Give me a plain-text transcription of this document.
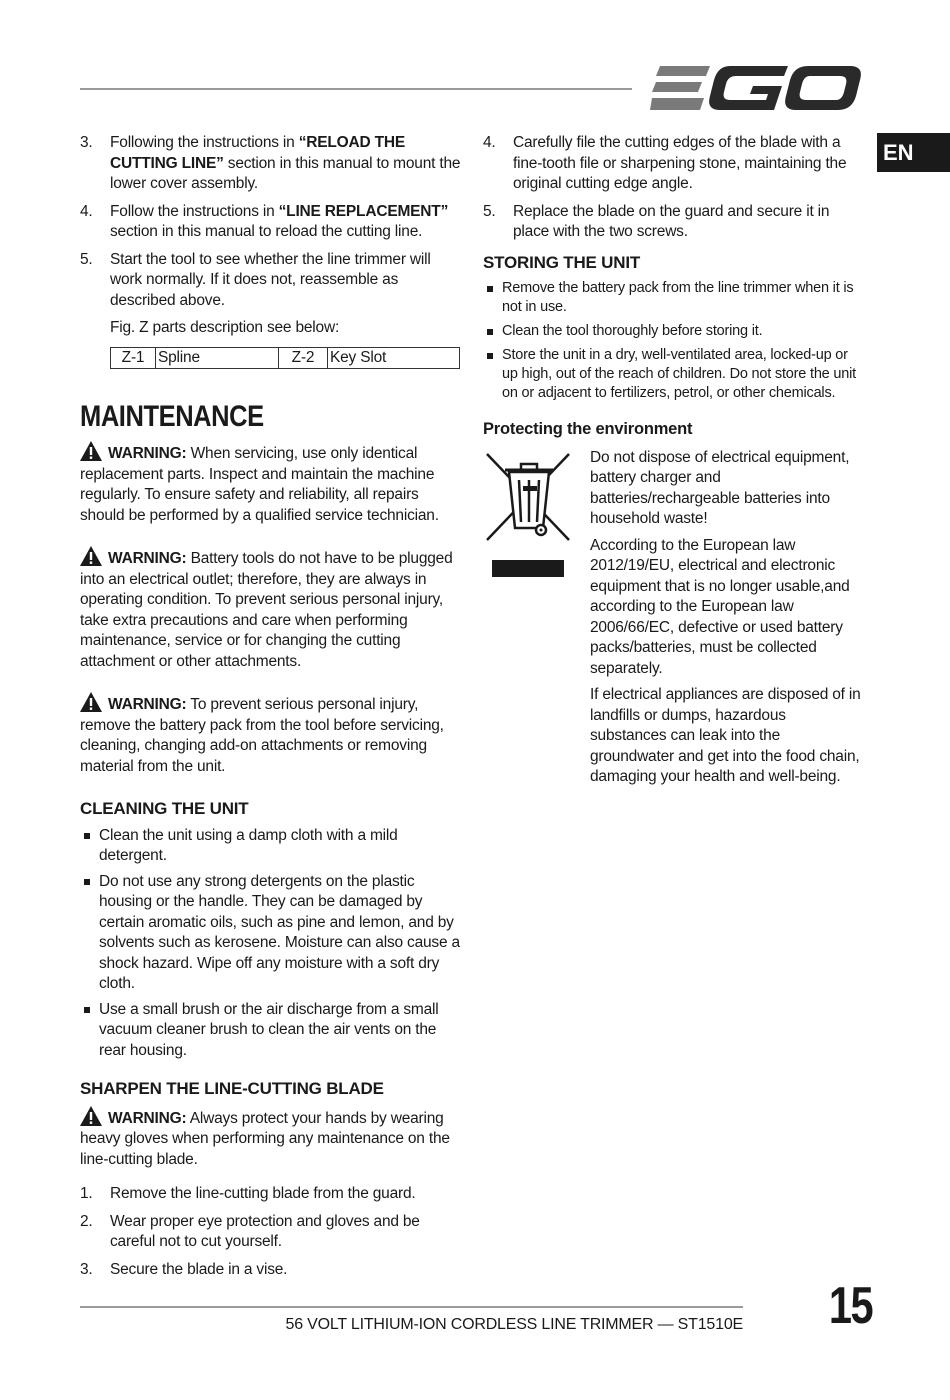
EN
3. Following the instructions in “RELOAD THE CUTTING LINE” section in this manual to mount the lower cover assembly.
4. Follow the instructions in “LINE REPLACEMENT” section in this manual to reload the cutting line.
5. Start the tool to see whether the line trimmer will work normally. If it does not, reassemble as described above.

Fig. Z parts description see below:

Z-1	Spline	Z-2	Key Slot
MAINTENANCE

WARNING: When servicing, use only identical replacement parts. Inspect and maintain the machine regularly. To ensure safety and reliability, all repairs should be performed by a qualified service technician.

WARNING: Battery tools do not have to be plugged into an electrical outlet; therefore, they are always in operating condition. To prevent serious personal injury, take extra precautions and care when performing maintenance, service or for changing the cutting attachment or other attachments.

WARNING: To prevent serious personal injury, remove the battery pack from the tool before servicing, cleaning, changing add-on attachments or removing material from the unit.

CLEANING THE UNIT
Clean the unit using a damp cloth with a mild detergent.
Do not use any strong detergents on the plastic housing or the handle. They can be damaged by certain aromatic oils, such as pine and lemon, and by solvents such as kerosene. Moisture can also cause a shock hazard. Wipe off any moisture with a soft dry cloth.
Use a small brush or the air discharge from a small vacuum cleaner brush to clean the air vents on the rear housing.
SHARPEN THE LINE-CUTTING BLADE

WARNING: Always protect your hands by wearing heavy gloves when performing any maintenance on the line-cutting blade.

1. Remove the line-cutting blade from the guard.
2. Wear proper eye protection and gloves and be careful not to cut yourself.
3. Secure the blade in a vise.
4. Carefully file the cutting edges of the blade with a fine-tooth file or sharpening stone, maintaining the original cutting edge angle.
5. Replace the blade on the guard and secure it in place with the two screws.
STORING THE UNIT
Remove the battery pack from the line trimmer when it is not in use.
Clean the tool thoroughly before storing it.
Store the unit in a dry, well-ventilated area, locked-up or up high, out of the reach of children. Do not store the unit on or adjacent to fertilizers, petrol, or other chemicals.
Protecting the environment

Do not dispose of electrical equipment, battery charger and batteries/rechargeable batteries into household waste!

According to the European law 2012/19/EU, electrical and electronic equipment that is no longer usable,and according to the European law 2006/66/EC, defective or used battery packs/batteries, must be collected separately.

If electrical appliances are disposed of in landfills or dumps, hazardous substances can leak into the groundwater and get into the food chain, damaging your health and well-being.

56 VOLT LITHIUM-ION CORDLESS LINE TRIMMER — ST1510E 15
